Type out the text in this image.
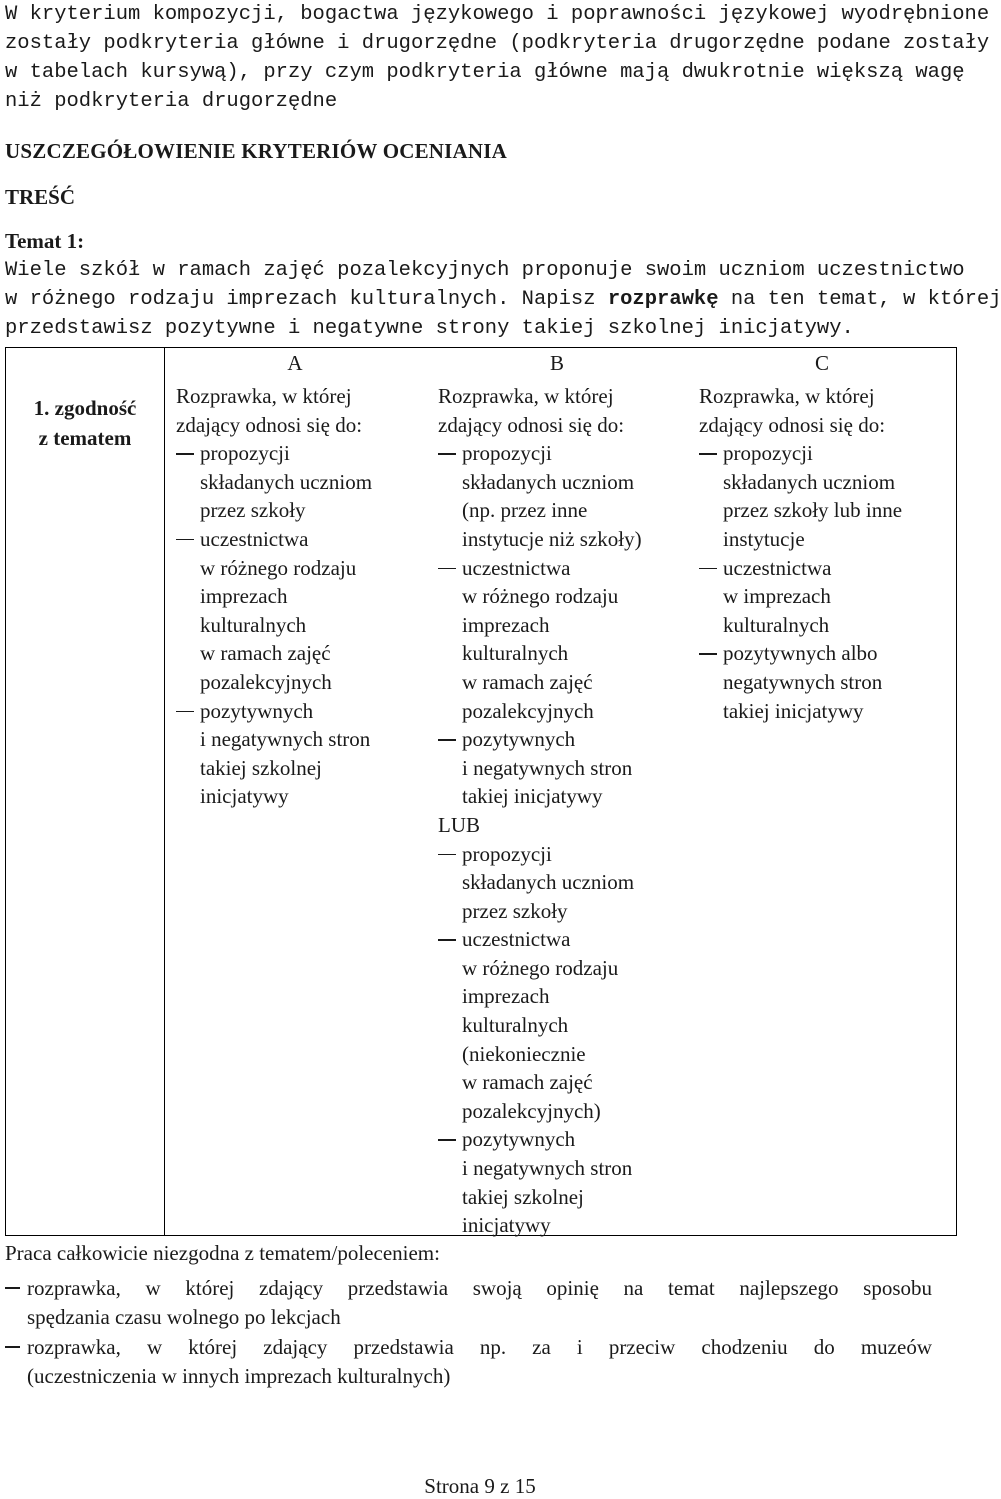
W kryterium kompozycji, bogactwa językowego i poprawności językowej wyodrębnione
zostały podkryteria główne i drugorzędne (podkryteria drugorzędne podane zostały
w tabelach kursywą), przy czym podkryteria główne mają dwukrotnie większą wagę
niż podkryteria drugorzędne
USZCZEGÓŁOWIENIE KRYTERIÓW OCENIANIA
TREŚĆ
Temat 1:
Wiele szkół w ramach zajęć pozalekcyjnych proponuje swoim uczniom uczestnictwo
w różnego rodzaju imprezach kulturalnych. Napisz rozprawkę na ten temat, w której
przedstawisz pozytywne i negatywne strony takiej szkolnej inicjatywy.
1. zgodność
z tematem
A	B	C
Rozprawka, w której
zdający odnosi się do:
propozycji
składanych uczniom
przez szkoły
uczestnictwa
w różnego rodzaju
imprezach
kulturalnych
w ramach zajęć
pozalekcyjnych
pozytywnych
i negatywnych stron
takiej szkolnej
inicjatywy
Rozprawka, w której
zdający odnosi się do:
propozycji
składanych uczniom
(np. przez inne
instytucje niż szkoły)
uczestnictwa
w różnego rodzaju
imprezach
kulturalnych
w ramach zajęć
pozalekcyjnych
pozytywnych
i negatywnych stron
takiej inicjatywy
LUB
propozycji
składanych uczniom
przez szkoły
uczestnictwa
w różnego rodzaju
imprezach
kulturalnych
(niekoniecznie
w ramach zajęć
pozalekcyjnych)
pozytywnych
i negatywnych stron
takiej szkolnej
inicjatywy
Rozprawka, w której
zdający odnosi się do:
propozycji
składanych uczniom
przez szkoły lub inne
instytucje
uczestnictwa
w imprezach
kulturalnych
pozytywnych albo
negatywnych stron
takiej inicjatywy
Praca całkowicie niezgodna z tematem/poleceniem:
rozprawka, w której zdający przedstawia swoją opinię na temat najlepszego sposobu
spędzania czasu wolnego po lekcjach
rozprawka, w której zdający przedstawia np. za i przeciw chodzeniu do muzeów
(uczestniczenia w innych imprezach kulturalnych)
Strona 9 z 15
